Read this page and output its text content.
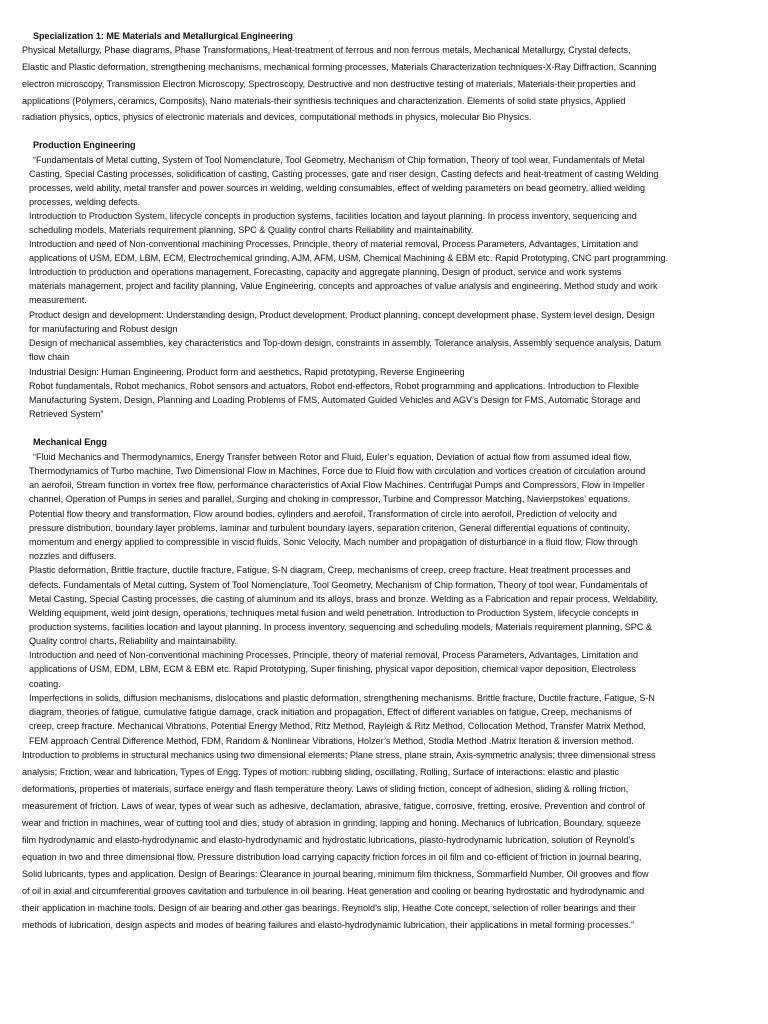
Specialization 1: ME Materials and Metallurgical Engineering
Physical Metallurgy, Phase diagrams, Phase Transformations, Heat-treatment of ferrous and non ferrous metals, Mechanical Metallurgy, Crystal defects,
Elastic and Plastic deformation, strengthening mechanisms, mechanical forming processes, Materials Characterization techniques-X-Ray Diffraction, Scanning
electron microscopy, Transmission Electron Microscopy, Spectroscopy, Destructive and non destructive testing of materials, Materials-their properties and
applications (Polymers, ceramics, Composits), Nano materials-their synthesis techniques and characterization. Elements of solid state physics, Applied
radiation physics, optics, physics of electronic materials and devices, computational methods in physics, molecular Bio Physics.
Production Engineering
“Fundamentals of Metal cutting, System of Tool Nomenclature, Tool Geometry, Mechanism of Chip formation, Theory of tool wear, Fundamentals of Metal
Casting, Special Casting processes, solidification of casting, Casting processes, gate and riser design, Casting defects and heat-treatment of casting Welding
processes, weld ability, metal transfer and power sources in welding, welding consumables, effect of welding parameters on bead geometry, allied welding
processes, welding defects.
Introduction to Production System, lifecycle concepts in production systems, facilities location and layout planning. In process inventory, sequencing and
scheduling models, Materials requirement planning, SPC & Quality control charts Reliability and maintainability.
Introduction and need of Non-conventional machining Processes, Principle, theory of material removal, Process Parameters, Advantages, Limitation and
applications of USM, EDM, LBM, ECM, Electrochemical grinding, AJM, AFM, USM, Chemical Machining & EBM etc. Rapid Prototyping, CNC part programming.
Introduction to production and operations management, Forecasting, capacity and aggregate planning, Design of product, service and work systems
materials management, project and facility planning, Value Engineering, concepts and approaches of value analysis and engineering. Method study and work
measurement.
Product design and development: Understanding design, Product development, Product planning, concept development phase, System level design, Design
for manufacturing and Robust design
Design of mechanical assemblies, key characteristics and Top-down design, constraints in assembly, Tolerance analysis, Assembly sequence analysis, Datum
flow chain
Industrial Design: Human Engineering, Product form and aesthetics, Rapid prototyping, Reverse Engineering
Robot fundamentals, Robot mechanics, Robot sensors and actuators, Robot end-effectors, Robot programming and applications. Introduction to Flexible
Manufacturing System, Design, Planning and Loading Problems of FMS, Automated Guided Vehicles and AGV’s Design for FMS, Automatic Storage and
Retrieved System”
Mechanical Engg
“Fluid Mechanics and Thermodynamics, Energy Transfer between Rotor and Fluid, Euler’s equation, Deviation of actual flow from assumed ideal flow,
Thermodynamics of Turbo machine, Two Dimensional Flow in Machines, Force due to Fluid flow with circulation and vortices creation of circulation around
an aerofoil, Stream function in vortex free flow, performance characteristics of Axial Flow Machines. Centrifugal Pumps and Compressors, Flow in Impeller
channel, Operation of Pumps in series and parallel, Surging and choking in compressor, Turbine and Compressor Matching, Navierpstokes’ equations.
Potential flow theory and transformation, Flow around bodies, cylinders and aerofoil, Transformation of circle into aerofoil, Prediction of velocity and
pressure distribution, boundary layer problems, laminar and turbulent boundary layers, separation criterion, General differential equations of continuity,
momentum and energy applied to compressible in viscid fluids, Sonic Velocity, Mach number and propagation of disturbance in a fluid flow, Flow through
nozzles and diffusers.
Plastic deformation, Brittle fracture, ductile fracture, Fatigue, S-N diagram, Creep, mechanisms of creep, creep fracture. Heat treatment processes and
defects. Fundamentals of Metal cutting, System of Tool Nomenclature, Tool Geometry, Mechanism of Chip formation, Theory of tool wear, Fundamentals of
Metal Casting, Special Casting processes, die casting of aluminum and its alloys, brass and bronze. Welding as a Fabrication and repair process, Weldability,
Welding equipment, weld joint design, operations, techniques metal fusion and weld penetration. Introduction to Production System, lifecycle concepts in
production systems, facilities location and layout planning. In process inventory, sequencing and scheduling models, Materials requirement planning, SPC &
Quality control charts, Reliability and maintainability.
Introduction and need of Non-conventional machining Processes, Principle, theory of material removal, Process Parameters, Advantages, Limitation and
applications of USM, EDM, LBM, ECM & EBM etc. Rapid Prototyping, Super finishing, physical vapor deposition, chemical vapor deposition, Electroless
coating.
Imperfections in solids, diffusion mechanisms, dislocations and plastic deformation, strengthening mechanisms. Brittle fracture, Ductile fracture, Fatigue, S-N
diagram, theories of fatigue, cumulative fatigue damage, crack initiation and propagation, Effect of different variables on fatigue, Creep, mechanisms of
creep, creep fracture. Mechanical Vibrations, Potential Energy Method, Ritz Method, Rayleigh & Ritz Method, Collocation Method, Transfer Matrix Method,
FEM approach Central Difference Method, FDM, Random & Nonlinear Vibrations, Holzer’s Method, Stodla Method .Matrix Iteration & inversion method.
Introduction to problems in structural mechanics using two dimensional elements; Plane stress, plane strain, Axis-symmetric analysis; three dimensional stress
analysis; Friction, wear and lubrication, Types of Engg. Types of motion: rubbing sliding, oscillating, Rolling, Surface of interactions: elastic and plastic
deformations, properties of materials, surface energy and flash temperature theory. Laws of sliding friction, concept of adhesion, sliding & rolling friction,
measurement of friction. Laws of wear, types of wear such as adhesive, declamation, abrasive, fatigue, corrosive, fretting, erosive. Prevention and control of
wear and friction in machines, wear of cutting tool and dies, study of abrasion in grinding, lapping and honing. Mechanics of lubrication, Boundary, squeeze
film hydrodynamic and elasto-hydrodynamic and elasto-hydrodynamic and hydrostatic lubrications, plasto-hydrodynamic lubrication, solution of Reynold’s
equation in two and three dimensional flow, Pressure distribution load carrying capacity friction forces in oil film and co-efficient of friction in journal bearing,
Solid lubricants, types and application. Design of Bearings: Clearance in journal bearing, minimum film thickness, Sommarfield Number, Oil grooves and flow
of oil in axial and circumferential grooves cavitation and turbulence in oil bearing. Heat generation and cooling or bearing hydrostatic and hydrodynamic and
their application in machine tools. Design of air bearing and other gas bearings. Reynold’s slip, Heathe Cote concept, selection of roller bearings and their
methods of lubrication, design aspects and modes of bearing failures and elasto-hydrodynamic lubrication, their applications in metal forming processes.”
